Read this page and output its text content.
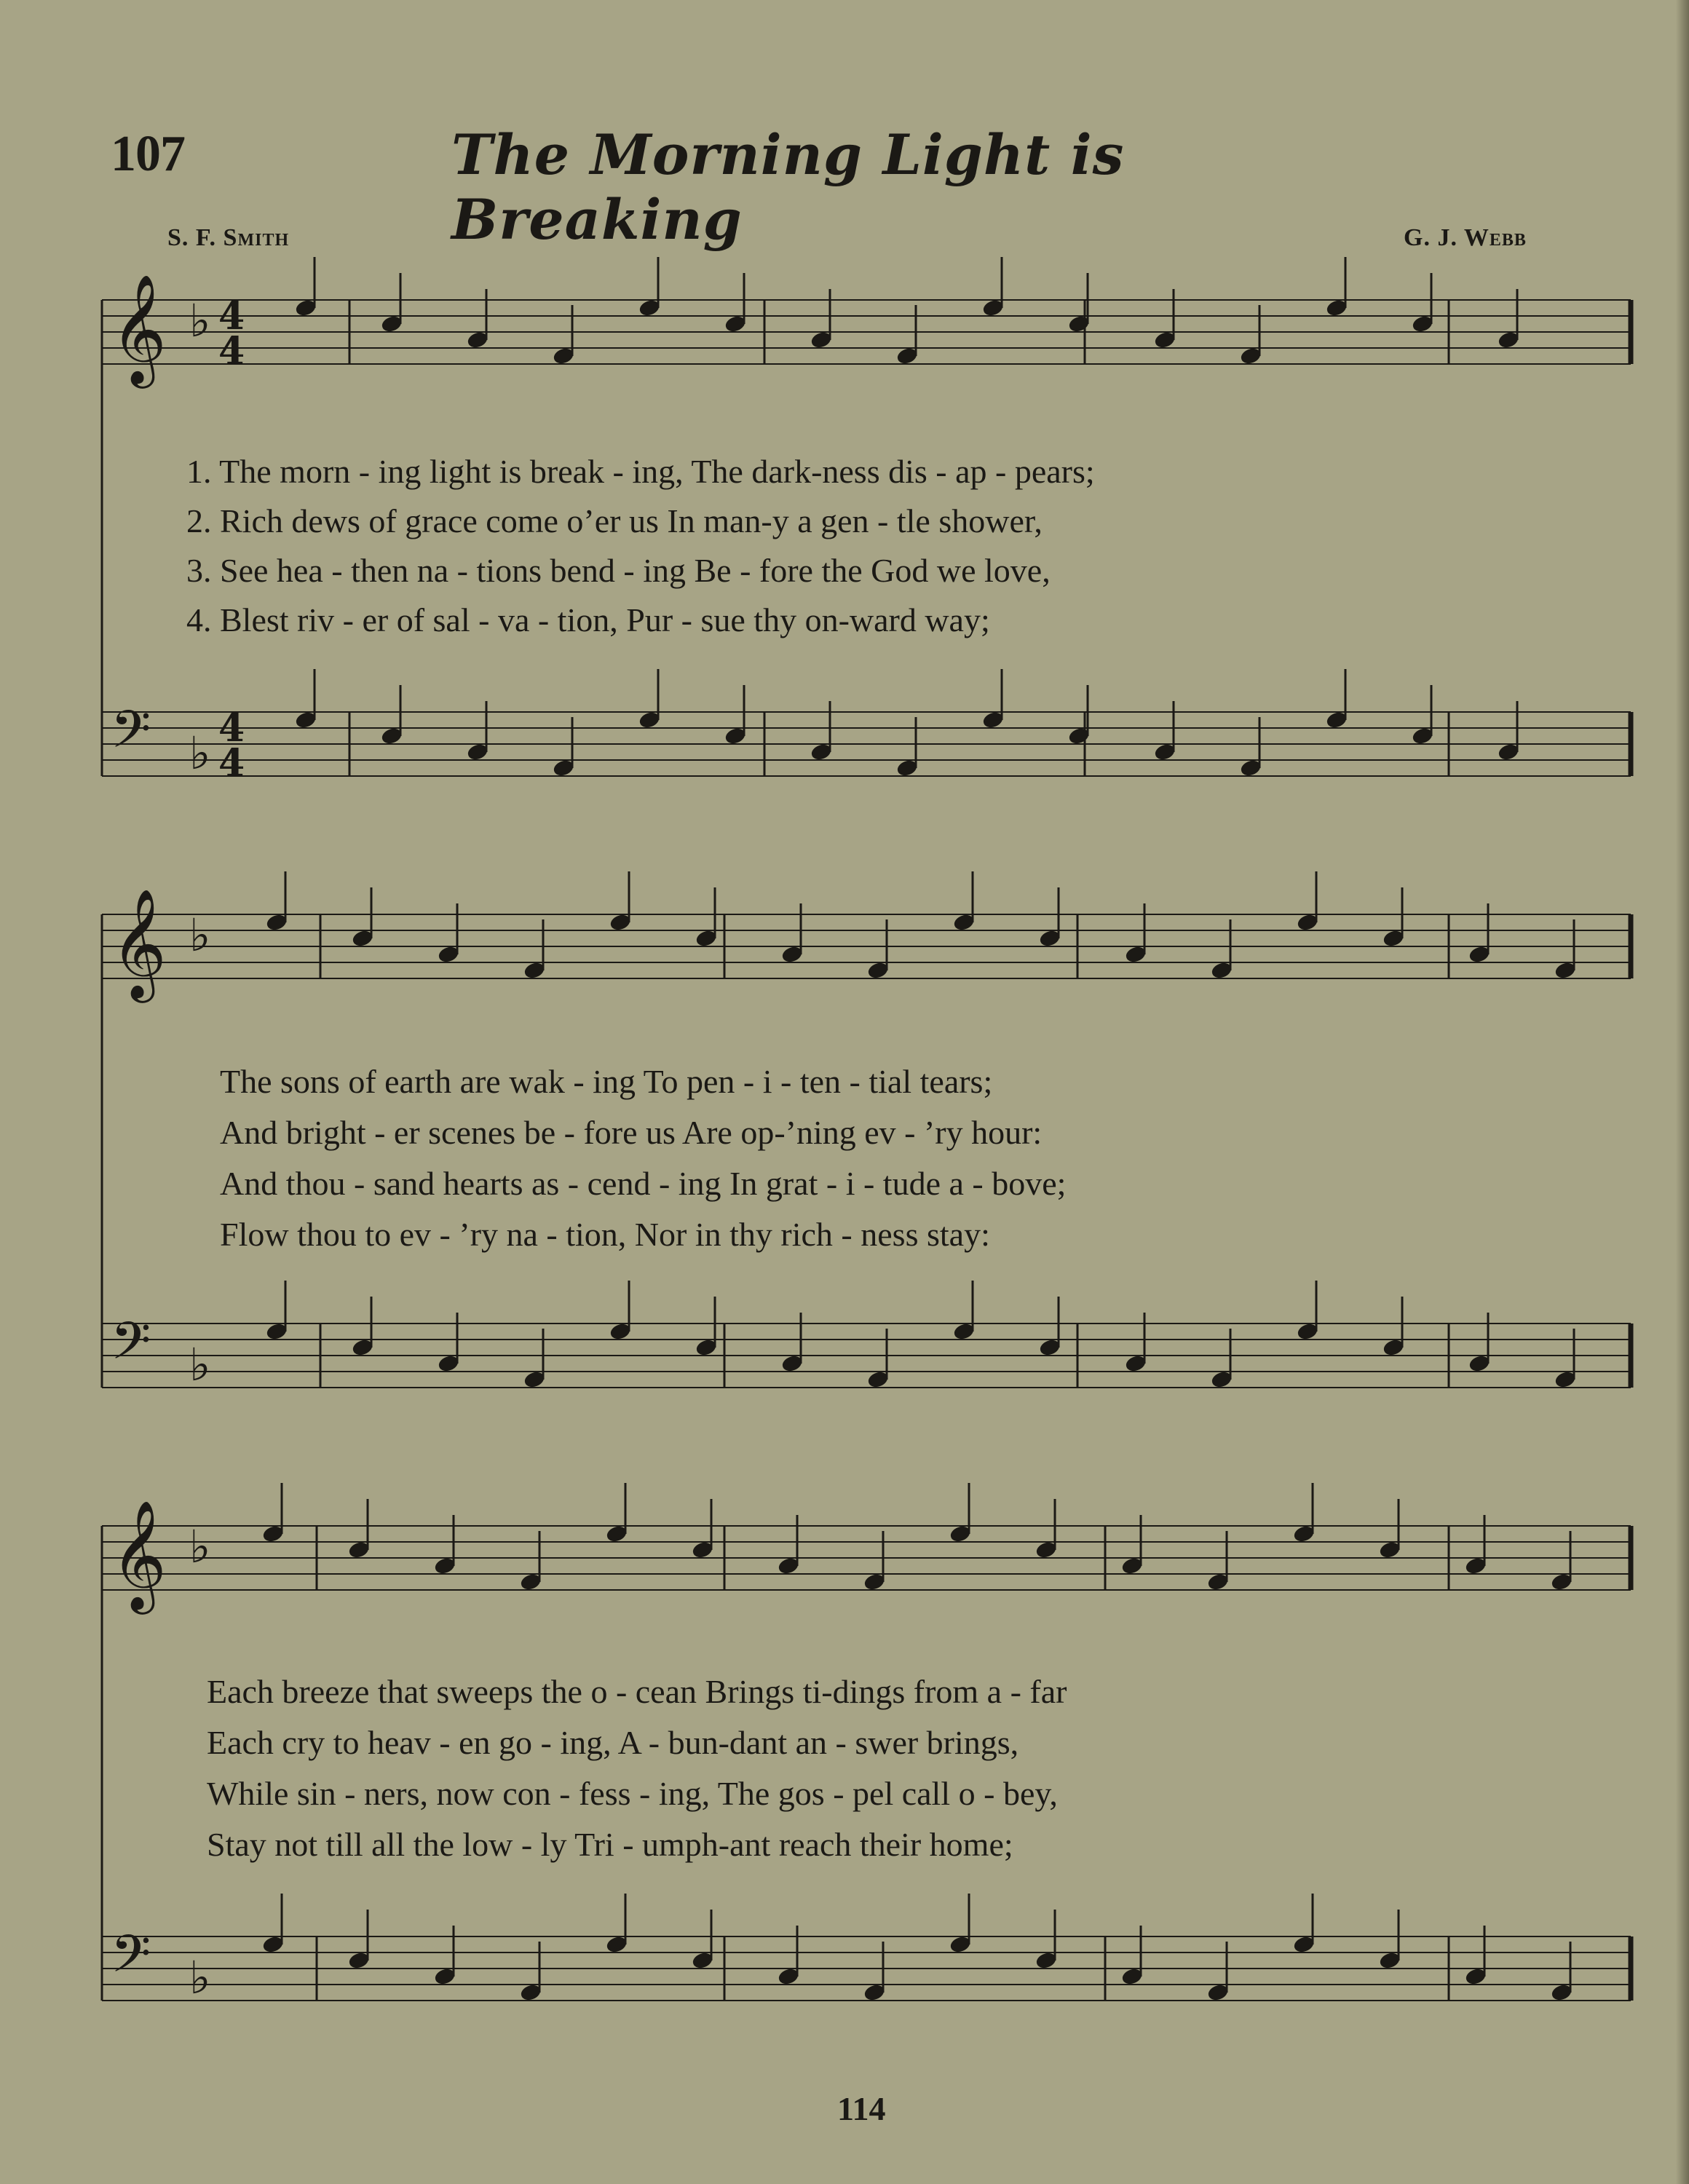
107	The Morning Light is Breaking
S. F. Smith	G. J. Webb
𝄞 ♭ 4
4
𝄢 ♭ 4
4
𝄞 ♭
𝄢 ♭
𝄞 ♭
𝄢 ♭
1. The morn - ing light is break - ing, The dark-ness dis - ap - pears;
2. Rich dews of grace come o’er us In man-y a gen - tle shower,
3. See hea - then na - tions bend - ing Be - fore the God we love,
4. Blest riv - er of sal - va - tion, Pur - sue thy on-ward way;
The sons of earth are wak - ing To pen - i - ten - tial tears;
And bright - er scenes be - fore us Are op-’ning ev - ’ry hour:
And thou - sand hearts as - cend - ing In grat - i - tude a - bove;
Flow thou to ev - ’ry na - tion, Nor in thy rich - ness stay:
Each breeze that sweeps the o - cean Brings ti-dings from a - far
Each cry to heav - en go - ing, A - bun-dant an - swer brings,
While sin - ners, now con - fess - ing, The gos - pel call o - bey,
Stay not till all the low - ly Tri - umph-ant reach their home;
114
